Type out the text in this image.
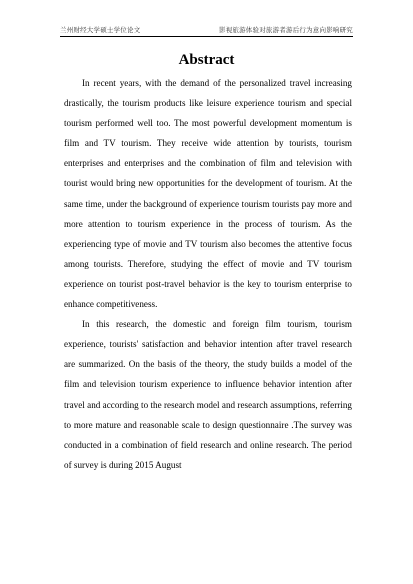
兰州财经大学硕士学位论文	影视旅游体验对旅游者游后行为意向影响研究
Abstract

In recent years, with the demand of the personalized travel increasing drastically, the tourism products like leisure experience tourism and special tourism performed well too. The most powerful development momentum is film and TV tourism. They receive wide attention by tourists, tourism enterprises and enterprises and the combination of film and television with tourist would bring new opportunities for the development of tourism. At the same time, under the background of experience tourism tourists pay more and more attention to tourism experience in the process of tourism. As the experiencing type of movie and TV tourism also becomes the attentive focus among tourists. Therefore, studying the effect of movie and TV tourism experience on tourist post-travel behavior is the key to tourism enterprise to enhance competitiveness.

In this research, the domestic and foreign film tourism, tourism experience, tourists' satisfaction and behavior intention after travel research are summarized. On the basis of the theory, the study builds a model of the film and television tourism experience to influence behavior intention after travel and according to the research model and research assumptions, referring to more mature and reasonable scale to design questionnaire .The survey was conducted in a combination of field research and online research. The period of survey is during 2015 August
